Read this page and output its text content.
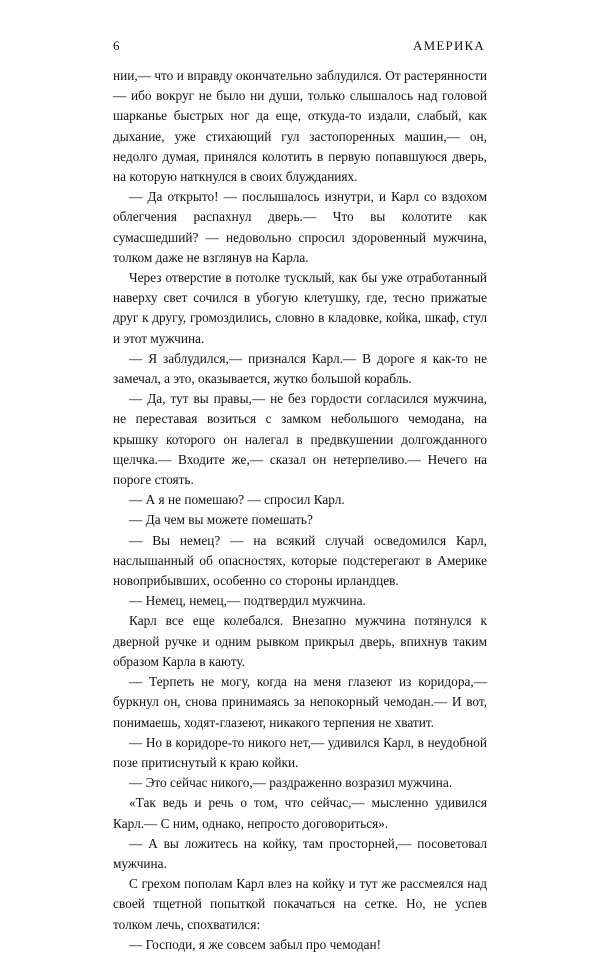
6	АМЕРИКА

нии,— что и вправду окончательно заблудился. От растерянности — ибо вокруг не было ни души, только слышалось над головой шарканье быстрых ног да еще, откуда-то издали, слабый, как дыхание, уже стихающий гул застопоренных машин,— он, недолго думая, принялся колотить в первую попавшуюся дверь, на которую наткнулся в своих блужданиях.

— Да открыто! — послышалось изнутри, и Карл со вздохом облегчения распахнул дверь.— Что вы колотите как сумасшедший? — недовольно спросил здоровенный мужчина, толком даже не взглянув на Карла.

Через отверстие в потолке тусклый, как бы уже отработанный наверху свет сочился в убогую клетушку, где, тесно прижатые друг к другу, громоздились, словно в кладовке, койка, шкаф, стул и этот мужчина.

— Я заблудился,— признался Карл.— В дороге я как-то не замечал, а это, оказывается, жутко большой корабль.

— Да, тут вы правы,— не без гордости согласился мужчина, не переставая возиться с замком небольшого чемодана, на крышку которого он налегал в предвкушении долгожданного щелчка.— Входите же,— сказал он нетерпеливо.— Нечего на пороге стоять.

— А я не помешаю? — спросил Карл.

— Да чем вы можете помешать?

— Вы немец? — на всякий случай осведомился Карл, наслышанный об опасностях, которые подстерегают в Америке новоприбывших, особенно со стороны ирландцев.

— Немец, немец,— подтвердил мужчина.

Карл все еще колебался. Внезапно мужчина потянулся к дверной ручке и одним рывком прикрыл дверь, впихнув таким образом Карла в каюту.

— Терпеть не могу, когда на меня глазеют из коридора,— буркнул он, снова принимаясь за непокорный чемодан.— И вот, понимаешь, ходят-глазеют, никакого терпения не хватит.

— Но в коридоре-то никого нет,— удивился Карл, в неудобной позе притиснутый к краю койки.

— Это сейчас никого,— раздраженно возразил мужчина.

«Так ведь и речь о том, что сейчас,— мысленно удивился Карл.— С ним, однако, непросто договориться».

— А вы ложитесь на койку, там просторней,— посоветовал мужчина.

С грехом пополам Карл влез на койку и тут же рассмеялся над своей тщетной попыткой покачаться на сетке. Но, не успев толком лечь, спохватился:

— Господи, я же совсем забыл про чемодан!
